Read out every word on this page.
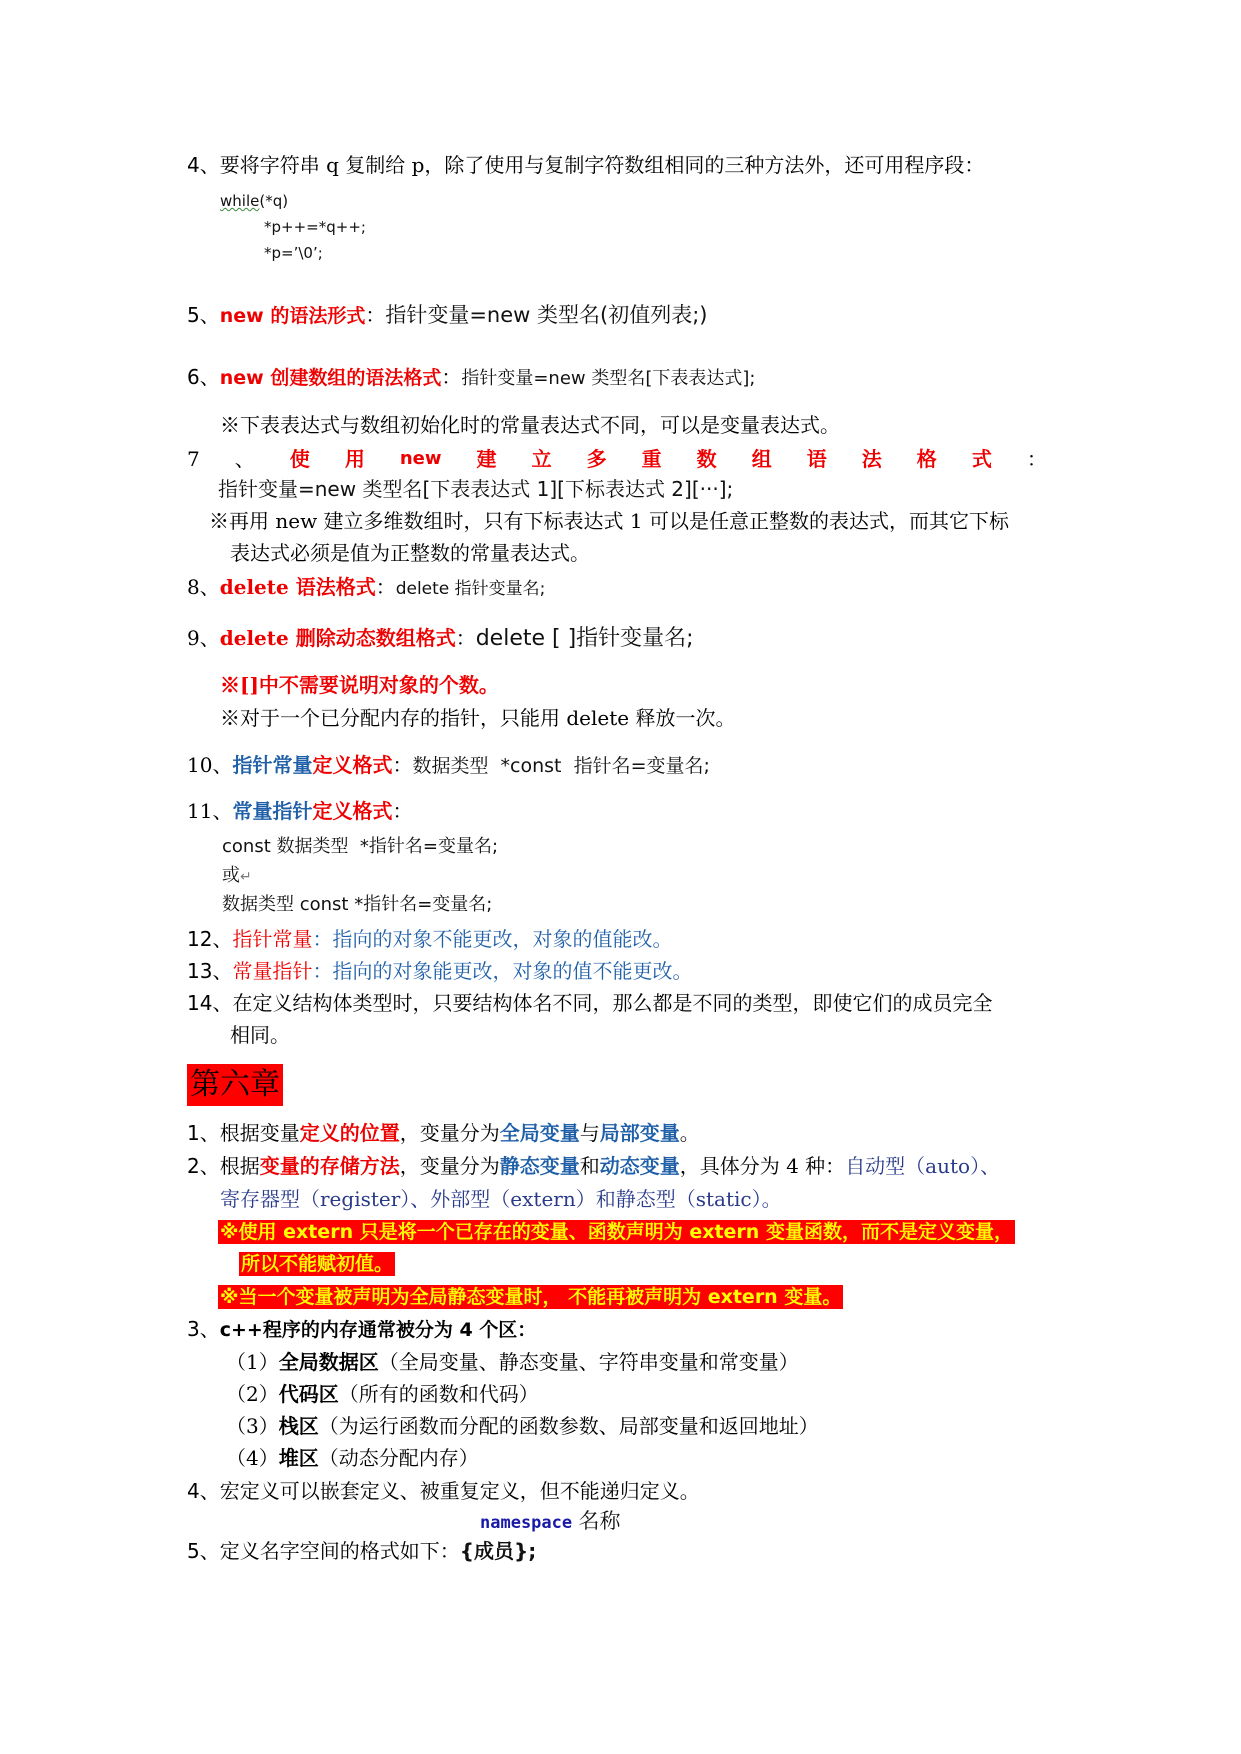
4、要将字符串 q 复制给 p，除了使用与复制字符数组相同的三种方法外，还可用程序段：
while(*q)
*p++=*q++;
*p=’\0’;
5、new 的语法形式：指针变量=new 类型名(初值列表;)
6、new 创建数组的语法格式：指针变量=new 类型名[下表表达式];
※下表表达式与数组初始化时的常量表达式不同，可以是变量表达式。
7 、 使 用 new 建 立 多 重 数 组 语 法 格 式 ：
指针变量=new 类型名[下表表达式 1][下标表达式 2][···];
※再用 new 建立多维数组时，只有下标表达式 1 可以是任意正整数的表达式，而其它下标
表达式必须是值为正整数的常量表达式。
8、delete 语法格式：delete 指针变量名;
9、delete 删除动态数组格式：delete [ ]指针变量名;
※[]中不需要说明对象的个数。
※对于一个已分配内存的指针，只能用 delete 释放一次。
10、指针常量定义格式：数据类型  *const  指针名=变量名;
11、常量指针定义格式：
const 数据类型  *指针名=变量名;
或↵
数据类型 const *指针名=变量名;
12、指针常量：指向的对象不能更改，对象的值能改。
13、常量指针：指向的对象能更改，对象的值不能更改。
14、在定义结构体类型时，只要结构体名不同，那么都是不同的类型，即使它们的成员完全
相同。
第六章
1、根据变量定义的位置，变量分为全局变量与局部变量。
2、根据变量的存储方法，变量分为静态变量和动态变量，具体分为 4 种：自动型（auto）、
寄存器型（register）、外部型（extern）和静态型（static）。
※使用 extern 只是将一个已存在的变量、函数声明为 extern 变量函数，而不是定义变量，
所以不能赋初值。
※当一个变量被声明为全局静态变量时， 不能再被声明为 extern 变量。
3、c++程序的内存通常被分为 4 个区：
（1）全局数据区（全局变量、静态变量、字符串变量和常变量）
（2）代码区（所有的函数和代码）
（3）栈区（为运行函数而分配的函数参数、局部变量和返回地址）
（4）堆区（动态分配内存）
4、宏定义可以嵌套定义、被重复定义，但不能递归定义。
namespace 名称
5、定义名字空间的格式如下：{成员};
